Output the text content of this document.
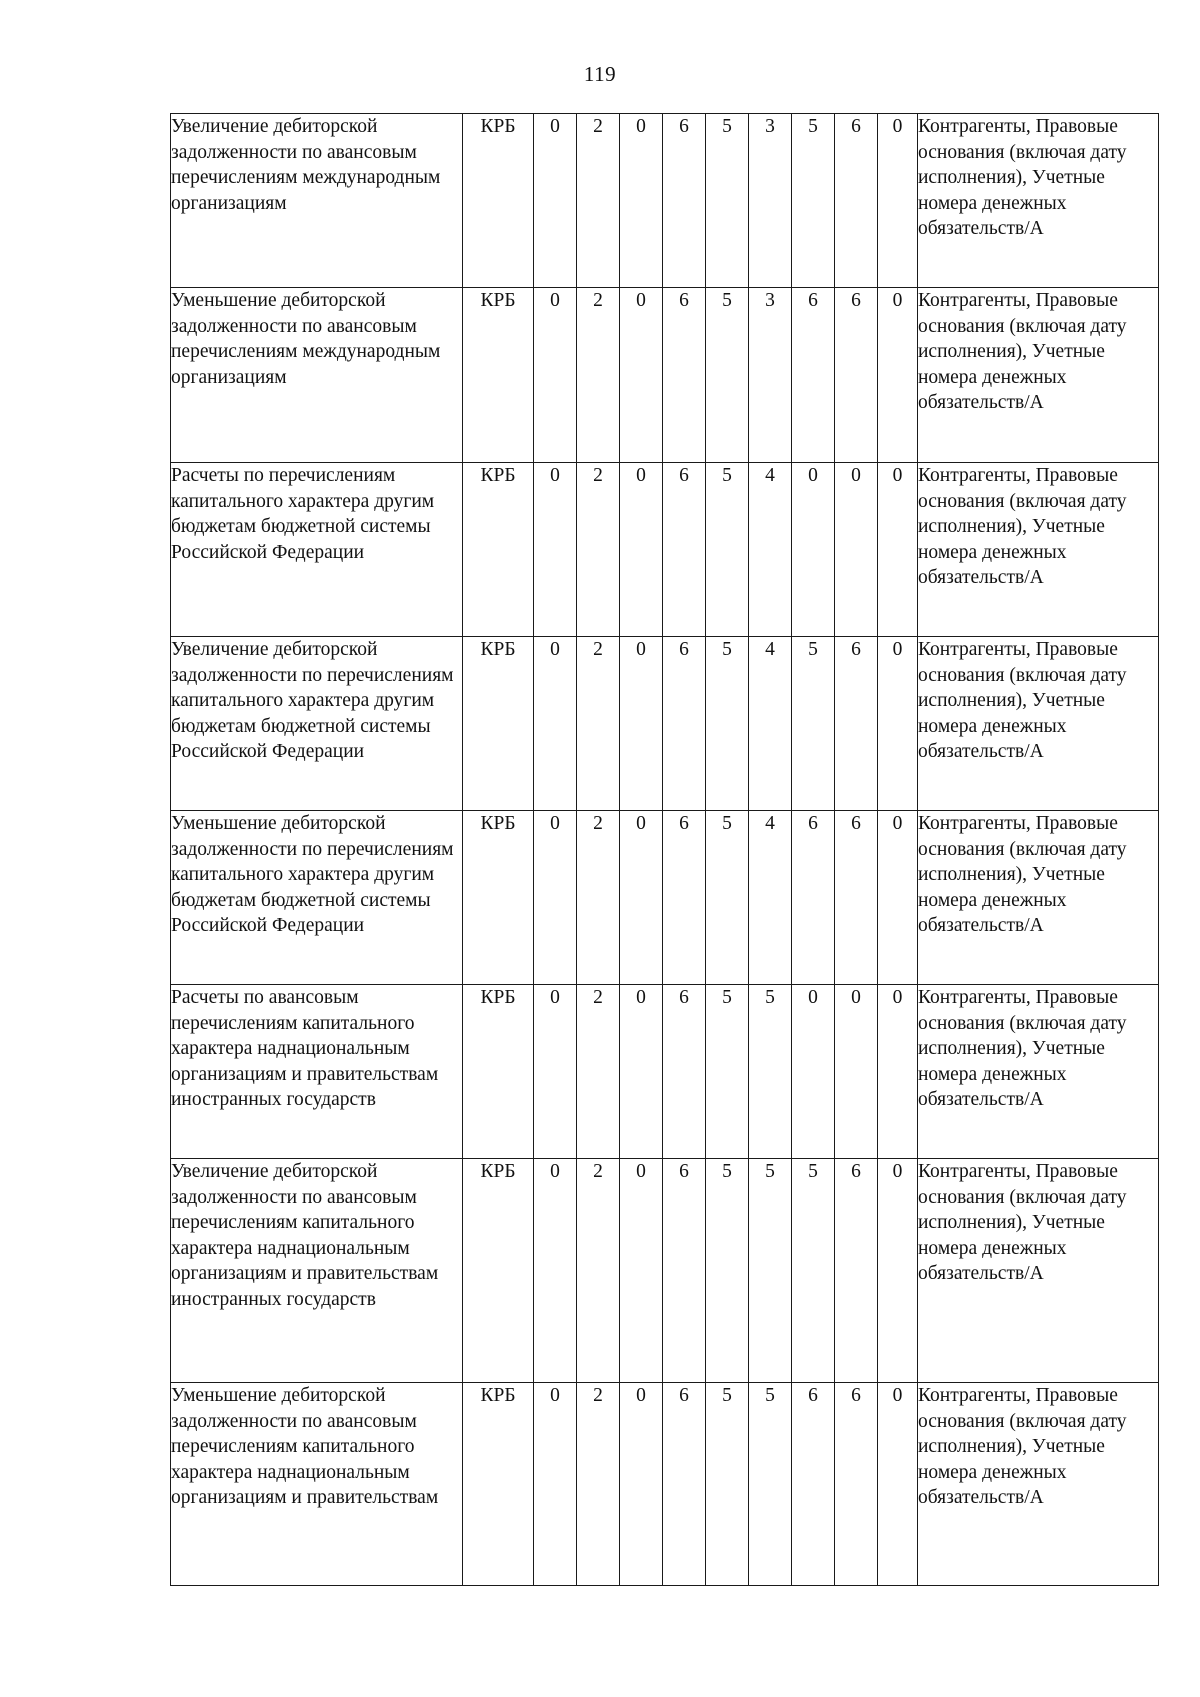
119
Увеличение дебиторской задолженности по авансовым перечислениям международным организациям	КРБ	0	2	0	6	5	3	5	6	0	Контрагенты, Правовые основания (включая дату исполнения), Учетные номера денежных обязательств/А
Уменьшение дебиторской задолженности по авансовым перечислениям международным организациям	КРБ	0	2	0	6	5	3	6	6	0	Контрагенты, Правовые основания (включая дату исполнения), Учетные номера денежных обязательств/А
Расчеты по перечислениям капитального характера другим бюджетам бюджетной системы Российской Федерации	КРБ	0	2	0	6	5	4	0	0	0	Контрагенты, Правовые основания (включая дату исполнения), Учетные номера денежных обязательств/А
Увеличение дебиторской задолженности по перечислениям капитального характера другим бюджетам бюджетной системы Российской Федерации	КРБ	0	2	0	6	5	4	5	6	0	Контрагенты, Правовые основания (включая дату исполнения), Учетные номера денежных обязательств/А
Уменьшение дебиторской задолженности по перечислениям капитального характера другим бюджетам бюджетной системы Российской Федерации	КРБ	0	2	0	6	5	4	6	6	0	Контрагенты, Правовые основания (включая дату исполнения), Учетные номера денежных обязательств/А
Расчеты по авансовым перечислениям капитального характера наднациональным организациям и правительствам иностранных государств	КРБ	0	2	0	6	5	5	0	0	0	Контрагенты, Правовые основания (включая дату исполнения), Учетные номера денежных обязательств/А
Увеличение дебиторской задолженности по авансовым перечислениям капитального характера наднациональным организациям и правительствам иностранных государств	КРБ	0	2	0	6	5	5	5	6	0	Контрагенты, Правовые основания (включая дату исполнения), Учетные номера денежных обязательств/А
Уменьшение дебиторской задолженности по авансовым перечислениям капитального характера наднациональным организациям и правительствам	КРБ	0	2	0	6	5	5	6	6	0	Контрагенты, Правовые основания (включая дату исполнения), Учетные номера денежных обязательств/А
